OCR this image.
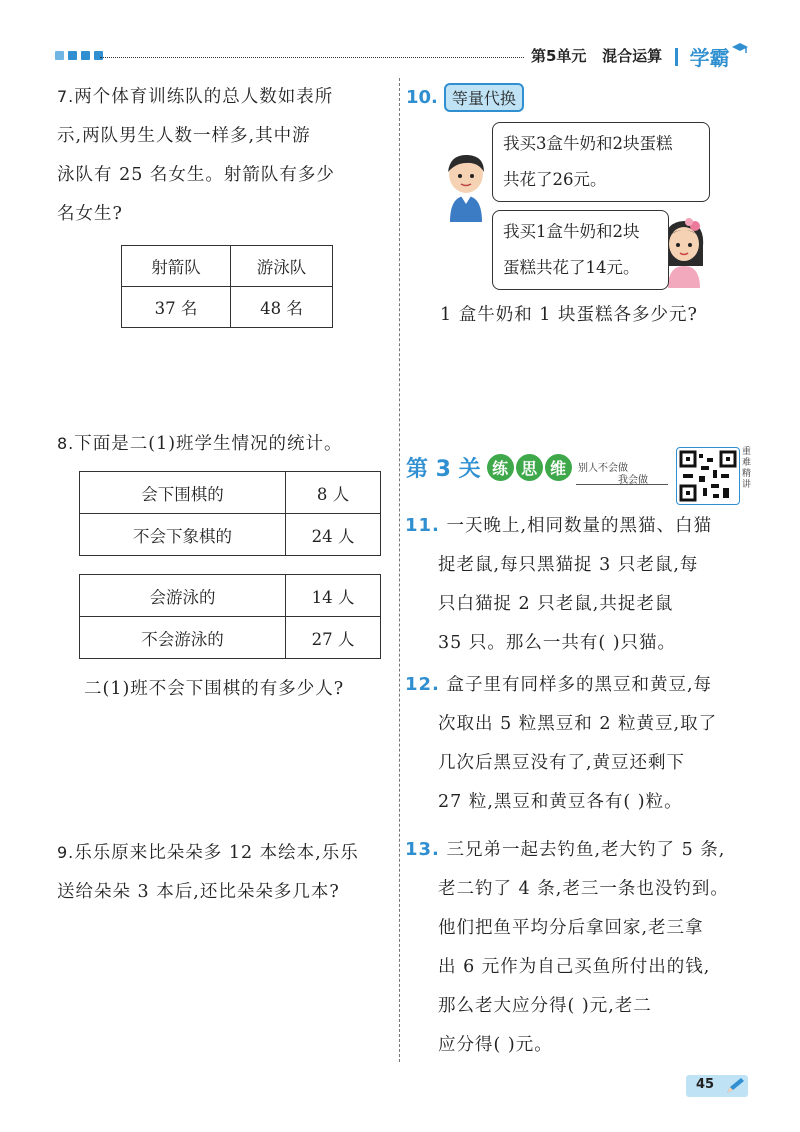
第5单元 混合运算 学霸
7.两个体育训练队的总人数如表所
示,两队男生人数一样多,其中游
泳队有 25 名女生。射箭队有多少
名女生?
射箭队	游泳队
37 名	48 名
8.下面是二(1)班学生情况的统计。
会下围棋的	8 人
不会下象棋的	24 人
会游泳的	14 人
不会游泳的	27 人
二(1)班不会下围棋的有多少人?
9.乐乐原来比朵朵多 12 本绘本,乐乐
送给朵朵 3 本后,还比朵朵多几本?
10. 等量代换
我买3盒牛奶和2块蛋糕
共花了26元。
我买1盒牛奶和2块
蛋糕共花了14元。
1 盒牛奶和 1 块蛋糕各多少元?
第 3 关 练 思 维	别人不会做
我会做
重难精讲
11. 一天晚上,相同数量的黑猫、白猫
捉老鼠,每只黑猫捉 3 只老鼠,每
只白猫捉 2 只老鼠,共捉老鼠
35 只。那么一共有( )只猫。
12. 盒子里有同样多的黑豆和黄豆,每
次取出 5 粒黑豆和 2 粒黄豆,取了
几次后黑豆没有了,黄豆还剩下
27 粒,黑豆和黄豆各有( )粒。
13. 三兄弟一起去钓鱼,老大钓了 5 条,
老二钓了 4 条,老三一条也没钓到。
他们把鱼平均分后拿回家,老三拿
出 6 元作为自己买鱼所付出的钱,
那么老大应分得( )元,老二
应分得( )元。
45
